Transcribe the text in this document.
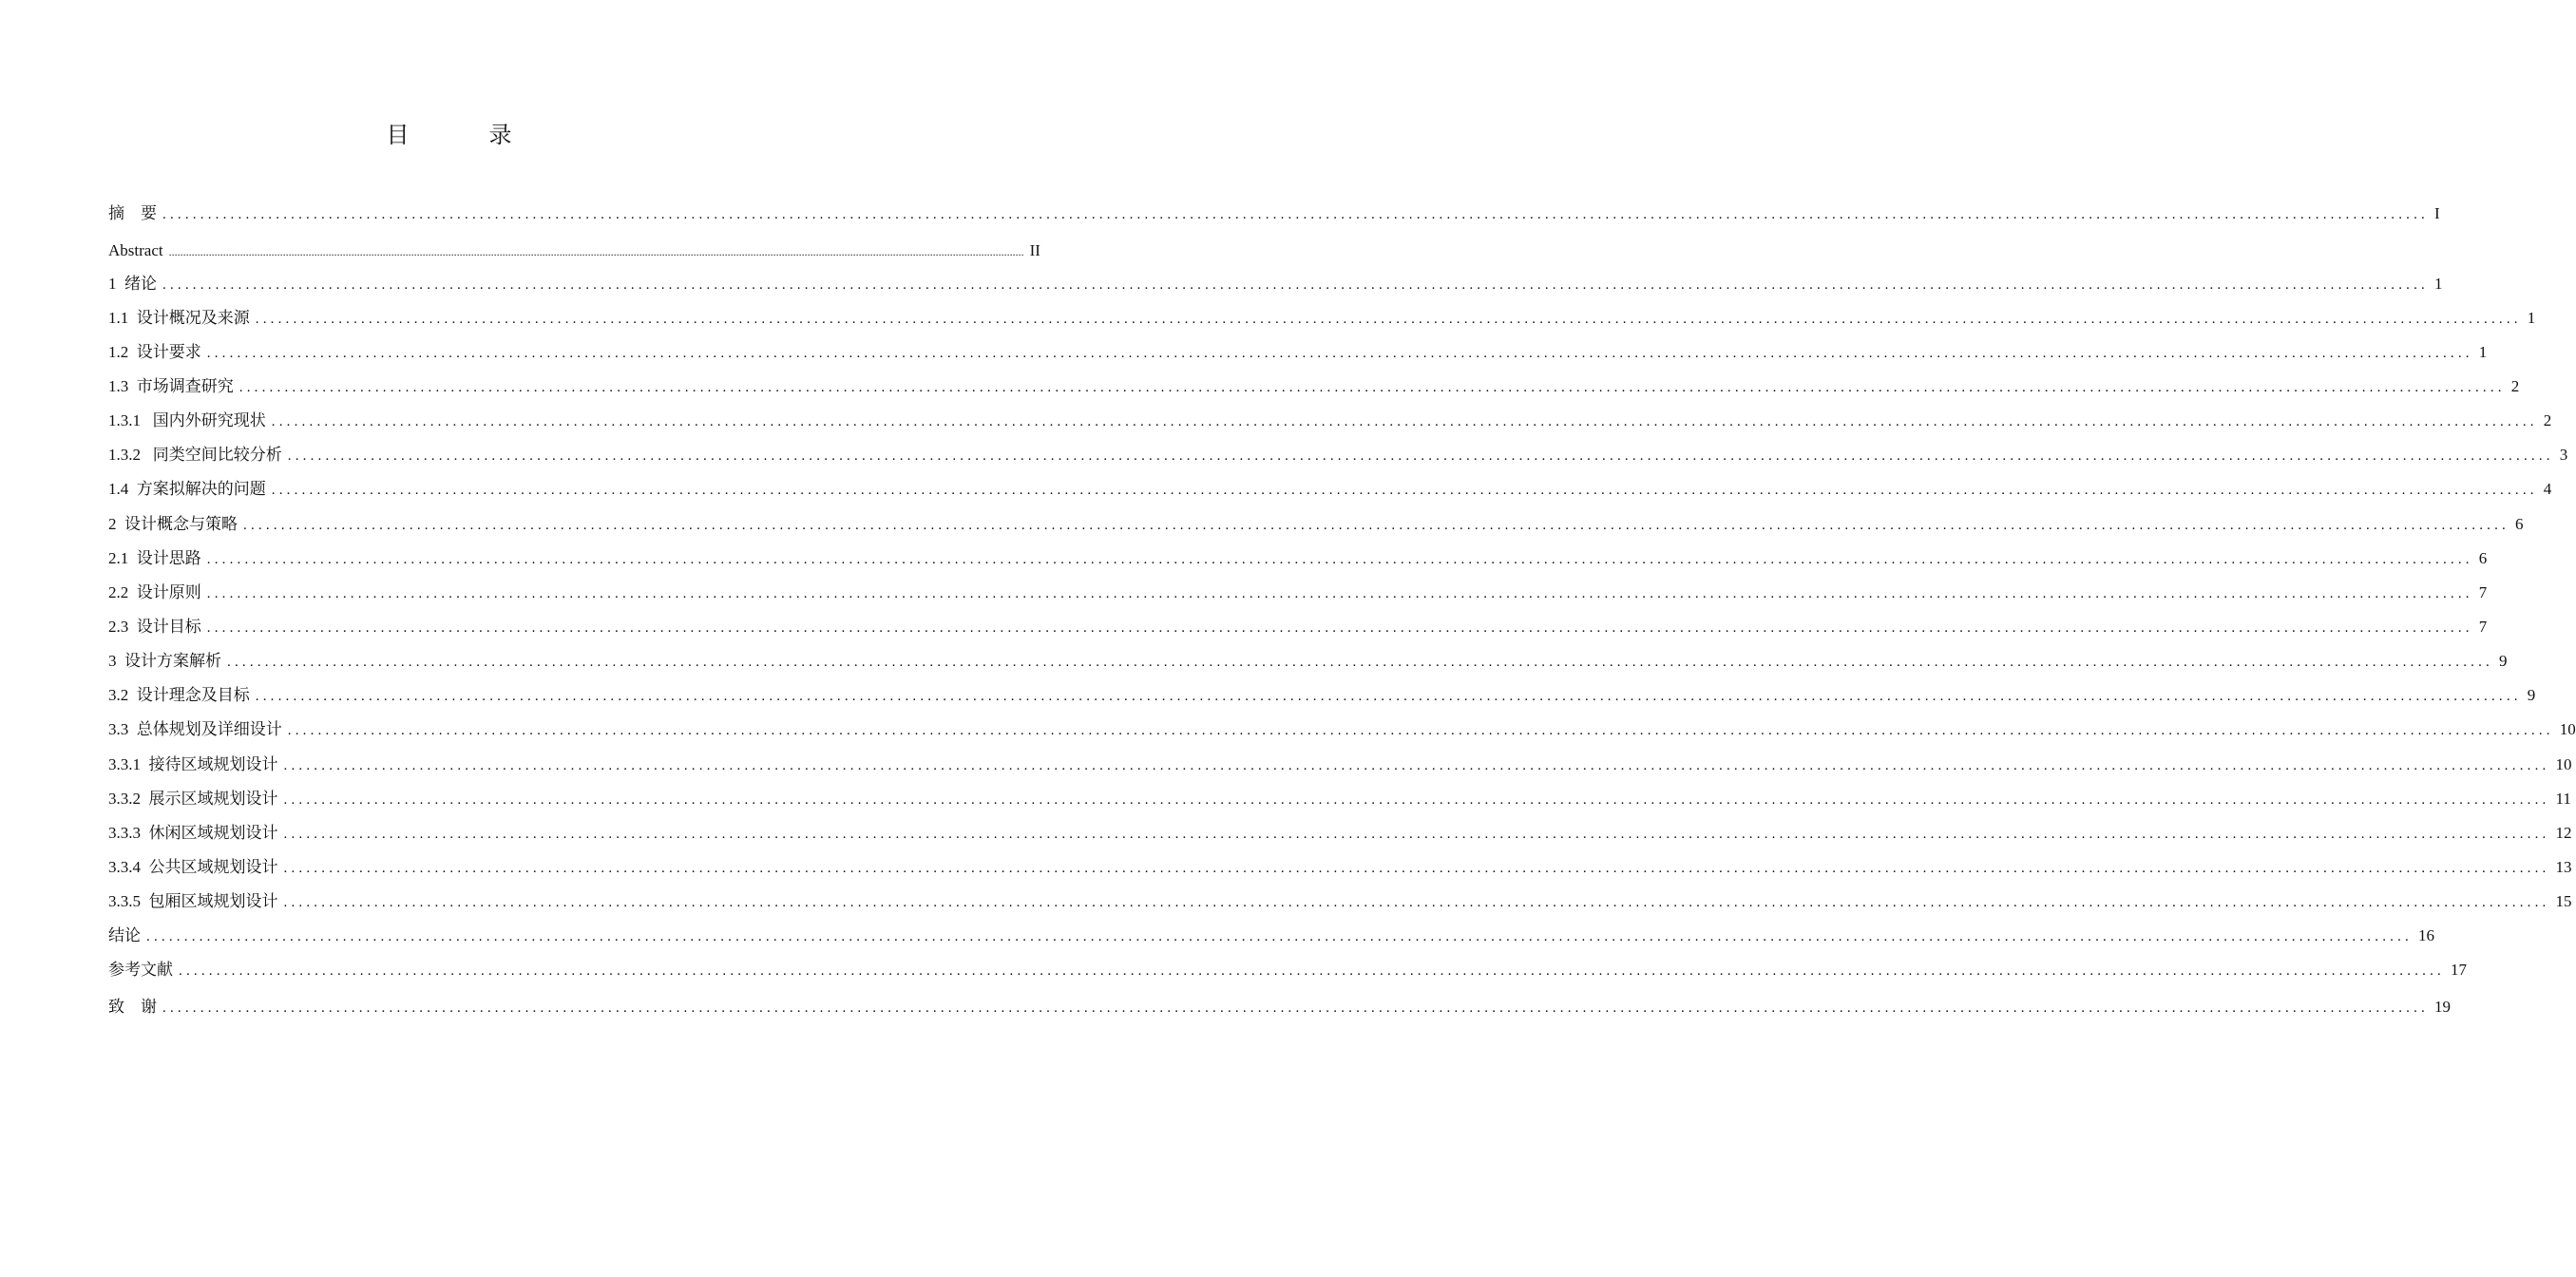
目　录
摘　要 ............................................................................................................................................................................................................................................................................................................ I
Abstract ............................................................................................................................................................................................................................................................................................................ II
1  绪论 ............................................................................................................................................................................................................................................................................................................ 1
1.1  设计概况及来源 ............................................................................................................................................................................................................................................................................................................ 1
1.2  设计要求 ............................................................................................................................................................................................................................................................................................................ 1
1.3  市场调查研究 ............................................................................................................................................................................................................................................................................................................ 2
1.3.1   国内外研究现状 ............................................................................................................................................................................................................................................................................................................ 2
1.3.2   同类空间比较分析 ............................................................................................................................................................................................................................................................................................................ 3
1.4  方案拟解决的问题 ............................................................................................................................................................................................................................................................................................................ 4
2  设计概念与策略 ............................................................................................................................................................................................................................................................................................................ 6
2.1  设计思路 ............................................................................................................................................................................................................................................................................................................ 6
2.2  设计原则 ............................................................................................................................................................................................................................................................................................................ 7
2.3  设计目标 ............................................................................................................................................................................................................................................................................................................ 7
3  设计方案解析 ............................................................................................................................................................................................................................................................................................................ 9
3.2  设计理念及目标 ............................................................................................................................................................................................................................................................................................................ 9
3.3  总体规划及详细设计 ............................................................................................................................................................................................................................................................................................................ 10
3.3.1  接待区域规划设计 ............................................................................................................................................................................................................................................................................................................ 10
3.3.2  展示区域规划设计 ............................................................................................................................................................................................................................................................................................................ 11
3.3.3  休闲区域规划设计 ............................................................................................................................................................................................................................................................................................................ 12
3.3.4  公共区域规划设计 ............................................................................................................................................................................................................................................................................................................ 13
3.3.5  包厢区域规划设计 ............................................................................................................................................................................................................................................................................................................ 15
结论 ............................................................................................................................................................................................................................................................................................................ 16
参考文献 ............................................................................................................................................................................................................................................................................................................ 17
致　谢 ............................................................................................................................................................................................................................................................................................................ 19
